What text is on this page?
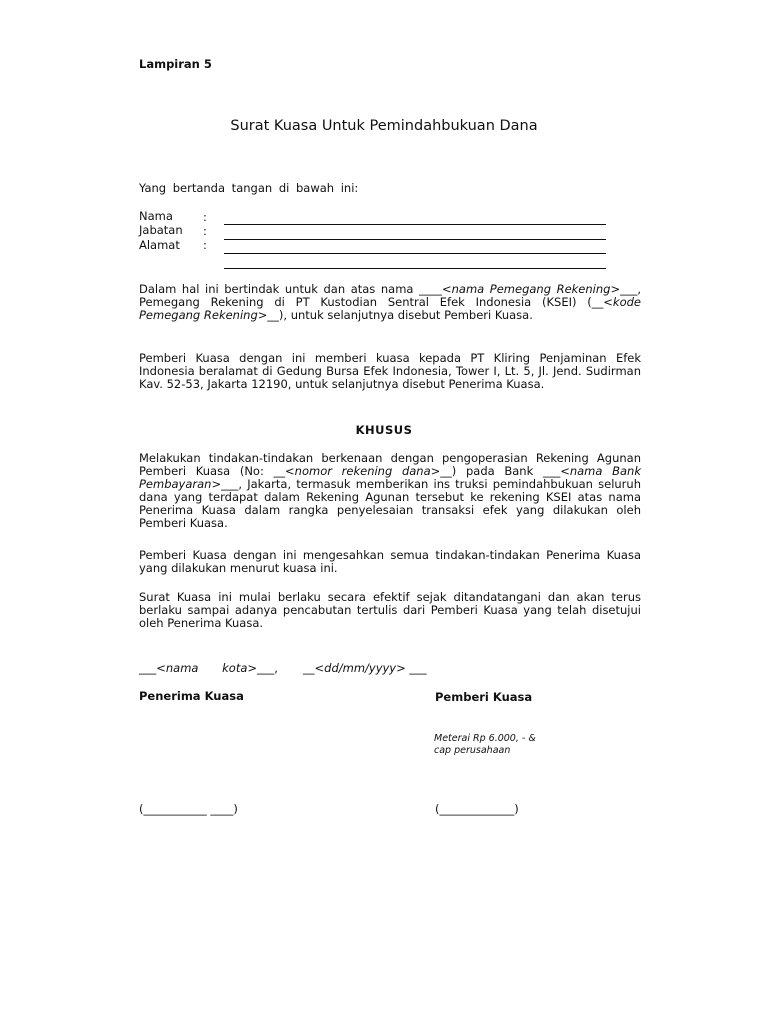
Lampiran 5
Surat Kuasa Untuk Pemindahbukuan Dana
Yang bertanda tangan di bawah ini:
Nama	:
Jabatan :
Alamat :
Dalam hal ini bertindak untuk dan atas nama ____<nama Pemegang Rekening>___, Pemegang Rekening di PT Kustodian Sentral Efek Indonesia (KSEI) (__<kode Pemegang Rekening>__), untuk selanjutnya disebut Pemberi Kuasa.
Pemberi Kuasa dengan ini memberi kuasa kepada PT Kliring Penjaminan Efek Indonesia beralamat di Gedung Bursa Efek Indonesia, Tower I, Lt. 5, Jl. Jend. Sudirman Kav. 52-53, Jakarta 12190, untuk selanjutnya disebut Penerima Kuasa.
KHUSUS
Melakukan tindakan-tindakan berkenaan dengan pengoperasian Rekening Agunan Pemberi Kuasa (No: __<nomor rekening dana>__) pada Bank ___<nama Bank Pembayaran>___, Jakarta, termasuk memberikan ins truksi pemindahbukuan seluruh dana yang terdapat dalam Rekening Agunan tersebut ke rekening KSEI atas nama Penerima Kuasa dalam rangka penyelesaian transaksi efek yang dilakukan oleh Pemberi Kuasa.
Pemberi Kuasa dengan ini mengesahkan semua tindakan-tindakan Penerima Kuasa yang dilakukan menurut kuasa ini.
Surat Kuasa ini mulai berlaku secara efektif sejak ditandatangani dan akan terus berlaku sampai adanya pencabutan tertulis dari Pemberi Kuasa yang telah disetujui oleh Penerima Kuasa.
___<nama kota>___, __<dd/mm/yyyy> ___
Penerima Kuasa	Pemberi Kuasa
Meterai Rp 6.000, - &
cap perusahaan
(___________ ____)	(_____________)
